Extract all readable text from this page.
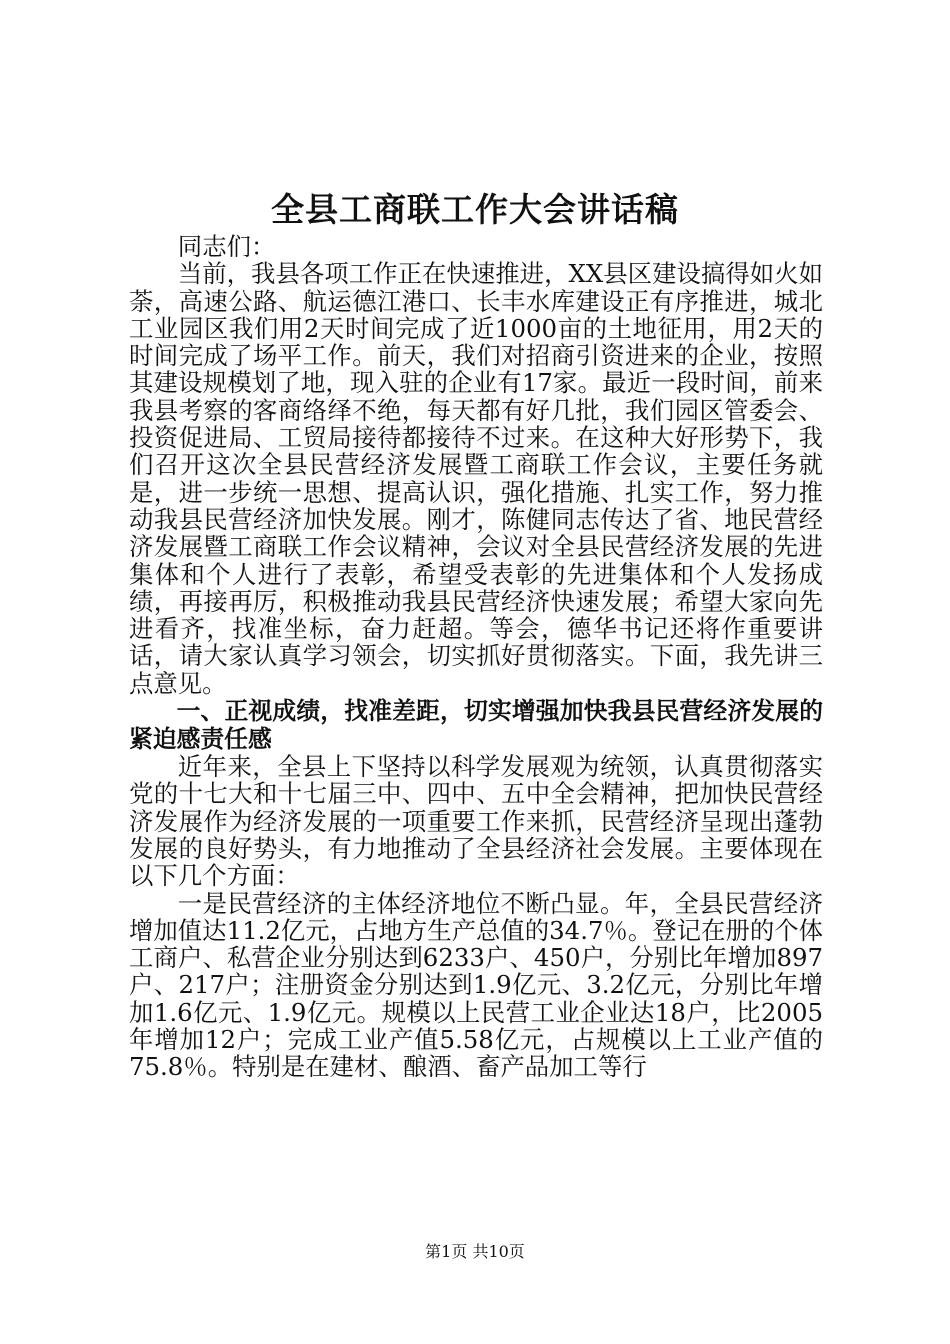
全县工商联工作大会讲话稿

同志们：

当前，我县各项工作正在快速推进，XX县区建设搞得如火如荼，高速公路、航运德江港口、长丰水库建设正有序推进，城北工业园区我们用2天时间完成了近1000亩的土地征用，用2天的时间完成了场平工作。前天，我们对招商引资进来的企业，按照其建设规模划了地，现入驻的企业有17家。最近一段时间，前来我县考察的客商络绎不绝，每天都有好几批，我们园区管委会、投资促进局、工贸局接待都接待不过来。在这种大好形势下，我们召开这次全县民营经济发展暨工商联工作会议，主要任务就是，进一步统一思想、提高认识，强化措施、扎实工作，努力推动我县民营经济加快发展。刚才，陈健同志传达了省、地民营经济发展暨工商联工作会议精神，会议对全县民营经济发展的先进集体和个人进行了表彰，希望受表彰的先进集体和个人发扬成绩，再接再厉，积极推动我县民营经济快速发展；希望大家向先进看齐，找准坐标，奋力赶超。等会，德华书记还将作重要讲话，请大家认真学习领会，切实抓好贯彻落实。下面，我先讲三点意见。

一、正视成绩，找准差距，切实增强加快我县民营经济发展的紧迫感责任感

近年来，全县上下坚持以科学发展观为统领，认真贯彻落实党的十七大和十七届三中、四中、五中全会精神，把加快民营经济发展作为经济发展的一项重要工作来抓，民营经济呈现出蓬勃发展的良好势头，有力地推动了全县经济社会发展。主要体现在以下几个方面：

一是民营经济的主体经济地位不断凸显。年，全县民营经济增加值达11.2亿元，占地方生产总值的34.7％。登记在册的个体工商户、私营企业分别达到6233户、450户，分别比年增加897户、217户；注册资金分别达到1.9亿元、3.2亿元，分别比年增加1.6亿元、1.9亿元。规模以上民营工业企业达18户，比2005年增加12户；完成工业产值5.58亿元，占规模以上工业产值的75.8％。特别是在建材、酿酒、畜产品加工等行

第1页 共10页
